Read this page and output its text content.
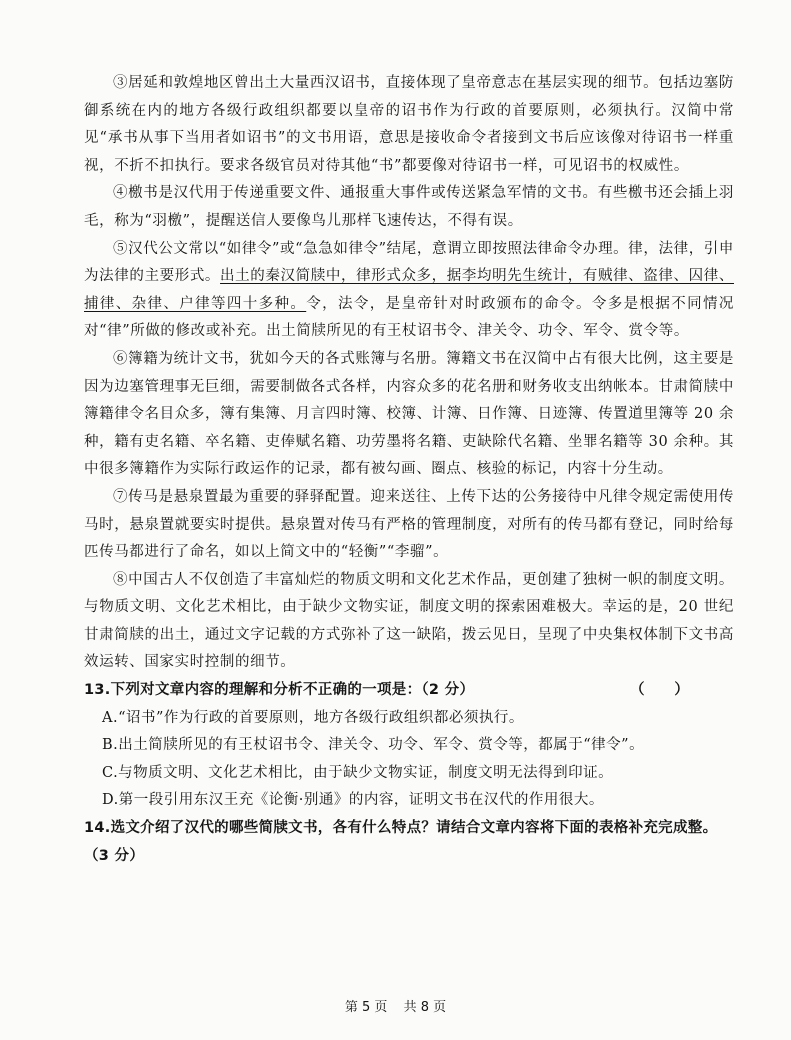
③居延和敦煌地区曾出土大量西汉诏书，直接体现了皇帝意志在基层实现的细节。包括边塞防御系统在内的地方各级行政组织都要以皇帝的诏书作为行政的首要原则，必须执行。汉简中常见“承书从事下当用者如诏书”的文书用语，意思是接收命令者接到文书后应该像对待诏书一样重视，不折不扣执行。要求各级官员对待其他“书”都要像对待诏书一样，可见诏书的权威性。

④檄书是汉代用于传递重要文件、通报重大事件或传送紧急军情的文书。有些檄书还会插上羽毛，称为“羽檄”，提醒送信人要像鸟儿那样飞速传达，不得有误。

⑤汉代公文常以“如律令”或“急急如律令”结尾，意谓立即按照法律命令办理。律，法律，引申为法律的主要形式。出土的秦汉简牍中，律形式众多，据李均明先生统计，有贼律、盗律、囚律、捕律、杂律、户律等四十多种。令，法令，是皇帝针对时政颁布的命令。令多是根据不同情况对“律”所做的修改或补充。出土简牍所见的有王杖诏书令、津关令、功令、军令、赏令等。

⑥簿籍为统计文书，犹如今天的各式账簿与名册。簿籍文书在汉简中占有很大比例，这主要是因为边塞管理事无巨细，需要制做各式各样，内容众多的花名册和财务收支出纳帐本。甘肃简牍中簿籍律令名目众多，簿有集簿、月言四时簿、校簿、计簿、日作簿、日迹簿、传置道里簿等 20 余种，籍有吏名籍、卒名籍、吏俸赋名籍、功劳墨将名籍、吏缺除代名籍、坐罪名籍等 30 余种。其中很多簿籍作为实际行政运作的记录，都有被勾画、圈点、核验的标记，内容十分生动。

⑦传马是悬泉置最为重要的驿驿配置。迎来送往、上传下达的公务接待中凡律令规定需使用传马时，悬泉置就要实时提供。悬泉置对传马有严格的管理制度，对所有的传马都有登记，同时给每匹传马都进行了命名，如以上简文中的“轻衡”“李骝”。

⑧中国古人不仅创造了丰富灿烂的物质文明和文化艺术作品，更创建了独树一帜的制度文明。与物质文明、文化艺术相比，由于缺少文物实证，制度文明的探索困难极大。幸运的是，20 世纪甘肃简牍的出土，通过文字记载的方式弥补了这一缺陷，拨云见日，呈现了中央集权体制下文书高效运转、国家实时控制的细节。

13.下列对文章内容的理解和分析不正确的一项是：（2 分）	（　　）

A.“诏书”作为行政的首要原则，地方各级行政组织都必须执行。

B.出土简牍所见的有王杖诏书令、津关令、功令、军令、赏令等，都属于“律令”。

C.与物质文明、文化艺术相比，由于缺少文物实证，制度文明无法得到印证。

D.第一段引用东汉王充《论衡·别通》的内容，证明文书在汉代的作用很大。

14.选文介绍了汉代的哪些简牍文书，各有什么特点？请结合文章内容将下面的表格补充完成整。（3 分）

第 5 页 共 8 页
